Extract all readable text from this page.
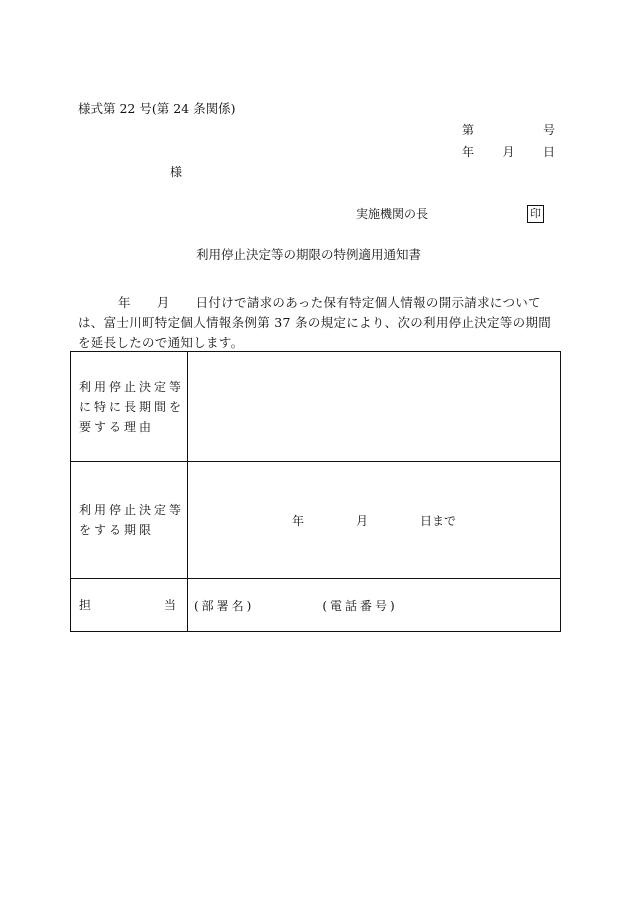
様式第 22 号(第 24 条関係)
第	号
年 月 日
様
実施機関の長	印
利用停止決定等の期限の特例適用通知書
年 月 日付けで請求のあった保有特定個人情報の開示請求について
は、富士川町特定個人情報条例第 37 条の規定により、次の利用停止決定等の期間
を延長したので通知します。
利用停止決定等
に特に長期間を
要する理由	

利用停止決定等
をする期限	年 月 日まで

担 当	(部署名) (電話番号)
